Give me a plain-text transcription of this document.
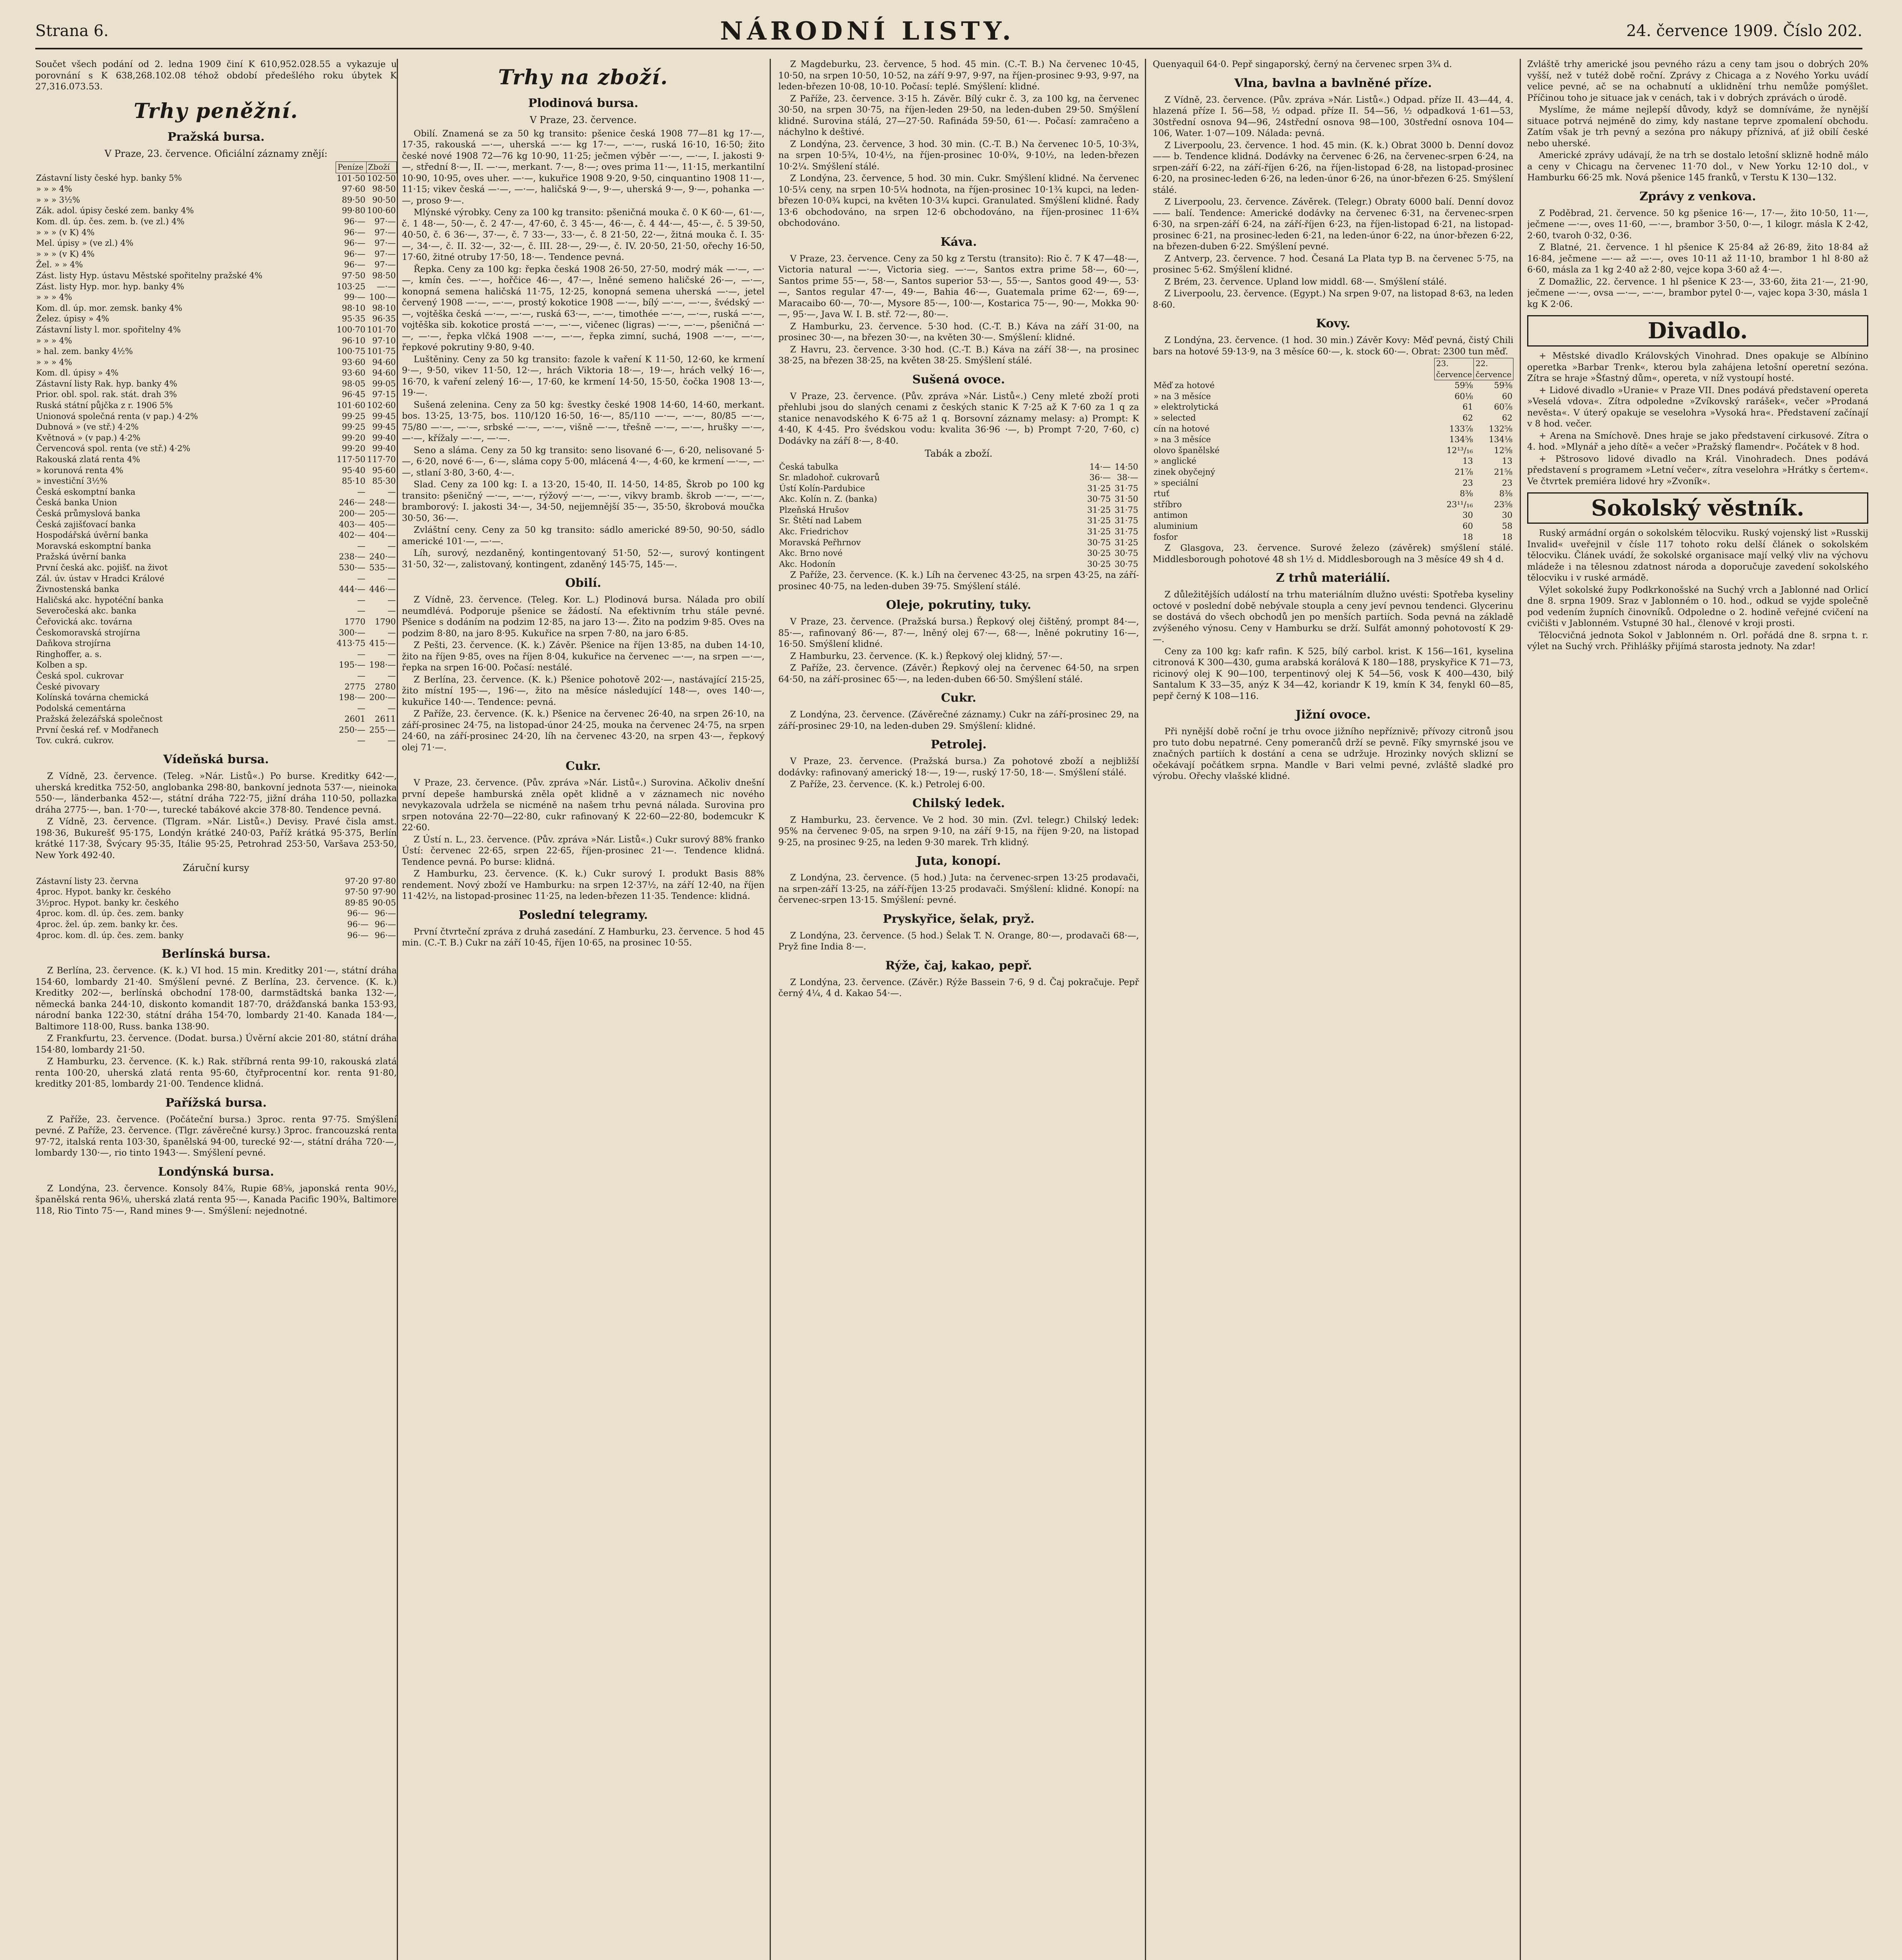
Strana 6.	NÁRODNÍ LISTY.	24. července 1909. Číslo 202.

Součet všech podání od 2. ledna 1909 činí K 610,952.028.55 a vykazuje u porovnání s K 638,268.102.08 téhož období předešlého roku úbytek K 27,316.073.53.

Trhy peněžní.
Pražská bursa.
V Praze, 23. července. Oficiální záznamy znějí:
	Peníze	Zboží
Zástavní listy české hyp. banky 5%	101·50	102·50
» » » 4%	97·60	98·50
» » » 3½%	89·50	90·50
Zák. adol. úpisy české zem. banky 4%	99·80	100·60
Kom. dl. úp. čes. zem. b. (ve zl.) 4%	96·—	97·—
» » » (v K) 4%	96·—	97·—
Mel. úpisy » (ve zl.) 4%	96·—	97·—
» » » (v K) 4%	96·—	97·—
Žel. » » 4%	96·—	97·—
Zást. listy Hyp. ústavu Městské spořitelny pražské 4%	97·50	98·50
Zást. listy Hyp. mor. hyp. banky 4%	103·25	—·—
» » » 4%	99·—	100·—
Kom. dl. úp. mor. zemsk. banky 4%	98·10	98·10
Želez. úpisy » 4%	95·35	96·35
Zástavní listy l. mor. spořitelny 4%	100·70	101·70
» » » 4%	96·10	97·10
» hal. zem. banky 4½%	100·75	101·75
» » » 4%	93·60	94·60
Kom. dl. úpisy » 4%	93·60	94·60
Zástavní listy Rak. hyp. banky 4%	98·05	99·05
Prior. obl. spol. rak. stát. drah 3%	96·45	97·15
Ruská státní půjčka z r. 1906 5%	101·60	102·60
Unionová společná renta (v pap.) 4·2%	99·25	99·45
Dubnová » (ve stř.) 4·2%	99·25	99·45
Květnová » (v pap.) 4·2%	99·20	99·40
Červencová spol. renta (ve stř.) 4·2%	99·20	99·40
Rakouská zlatá renta 4%	117·50	117·70
» korunová renta 4%	95·40	95·60
» investiční 3½%	85·10	85·30
Česká eskomptní banka	—	—
Česká banka Union	246·—	248·—
Česká průmyslová banka	200·—	205·—
Česká zajišťovací banka	403·—	405·—
Hospodářská úvěrní banka	402·—	404·—
Moravská eskomptní banka	—	—
Pražská úvěrní banka	238·—	240·—
První česká akc. pojišť. na život	530·—	535·—
Zál. úv. ústav v Hradci Králové	—	—
Živnostenská banka	444·—	446·—
Haličská akc. hypotéční banka	—	—
Severočeská akc. banka	—	—
Čeřovická akc. továrna	1770	1790
Českomoravská strojírna	300·—	—
Daňkova strojírna	413·75	415·—
Ringhoffer, a. s.	—	—
Kolben a sp.	195·—	198·—
Česká spol. cukrovar	—	—
České pivovary	2775	2780
Kolínská továrna chemická	198·—	200·—
Podolská cementárna	—	—
Pražská železářská společnost	2601	2611
První česká ref. v Modřanech	250·—	255·—
Tov. cukrá. cukrov.	—	—
Vídeňská bursa.

Z Vídně, 23. července. (Teleg. »Nár. Listů«.) Po burse. Kreditky 642·—, uherská kreditka 752·50, anglobanka 298·80, bankovní jednota 537·—, nieinoka 550·—, länderbanka 452·—, státní dráha 722·75, jižní dráha 110·50, pollazka dráha 2775·—, ban. 1·70·—, turecké tabákové akcie 378·80. Tendence pevná.

Z Vídně, 23. července. (Tlgram. »Nár. Listů«.) Devisy. Pravé čisla amst. 198·36, Bukurešť 95·175, Londýn krátké 240·03, Paříž krátká 95·375, Berlín krátké 117·38, Švýcary 95·35, Itálie 95·25, Petrohrad 253·50, Varšava 253·50, New York 492·40.

Záruční kursy
Zástavní listy 23. června	97·20	97·80
4proc. Hypot. banky kr. českého	97·50	97·90
3½proc. Hypot. banky kr. českého	89·85	90·05
4proc. kom. dl. úp. čes. zem. banky	96·—	96·—
4proc. žel. úp. zem. banky kr. čes.	96·—	96·—
4proc. kom. dl. úp. čes. zem. banky	96·—	96·—
Berlínská bursa.

Z Berlína, 23. července. (K. k.) VI hod. 15 min. Kreditky 201·—, státní dráha 154·60, lombardy 21·40. Smýšlení pevné. Z Berlína, 23. července. (K. k.) Kreditky 202·—, berlínská obchodní 178·00, darmstädtská banka 132·—, německá banka 244·10, diskonto komandit 187·70, drážďanská banka 153·93, národní banka 122·30, státní dráha 154·70, lombardy 21·40. Kanada 184·—, Baltimore 118·00, Russ. banka 138·90.

Z Frankfurtu, 23. července. (Dodat. bursa.) Úvěrní akcie 201·80, státní dráha 154·80, lombardy 21·50.

Z Hamburku, 23. července. (K. k.) Rak. stříbrná renta 99·10, rakouská zlatá renta 100·20, uherská zlatá renta 95·60, čtyřprocentní kor. renta 91·80, kreditky 201·85, lombardy 21·00. Tendence klidná.

Pařížská bursa.

Z Paříže, 23. července. (Počáteční bursa.) 3proc. renta 97·75. Smýšlení pevné. Z Paříže, 23. července. (Tlgr. závěrečné kursy.) 3proc. francouzská renta 97·72, italská renta 103·30, španělská 94·00, turecké 92·—, státní dráha 720·—, lombardy 130·—, rio tinto 1943·—. Smýšlení pevné.

Londýnská bursa.

Z Londýna, 23. července. Konsoly 84⅞, Rupie 68⅝, japonská renta 90½, španělská renta 96⅛, uherská zlatá renta 95·—, Kanada Pacific 190¾, Baltimore 118, Rio Tinto 75·—, Rand mines 9·—. Smýšlení: nejednotné.

Trhy na zboží.
Plodinová bursa.
V Praze, 23. července.

Obilí. Znamená se za 50 kg transito: pšenice česká 1908 77—81 kg 17·—, 17·35, rakouská —·—, uherská —·— kg 17·—, —·—, ruská 16·10, 16·50; žito české nové 1908 72—76 kg 10·90, 11·25; ječmen výběr —·—, —·—, I. jakosti 9·—, střední 8·—, II. —·—, merkant. 7·—, 8·—; oves prima 11·—, 11·15, merkantilní 10·90, 10·95, oves uher. —·—, kukuřice 1908 9·20, 9·50, cinquantino 1908 11·—, 11·15; vikev česká —·—, —·—, haličská 9·—, 9·—, uherská 9·—, 9·—, pohanka —·—, proso 9·—.

Mlýnské výrobky. Ceny za 100 kg transito: pšeničná mouka č. 0 K 60·—, 61·—, č. 1 48·—, 50·—, č. 2 47·—, 47·60, č. 3 45·—, 46·—, č. 4 44·—, 45·—, č. 5 39·50, 40·50, č. 6 36·—, 37·—, č. 7 33·—, 33·—, č. 8 21·50, 22·—, žitná mouka č. I. 35·—, 34·—, č. II. 32·—, 32·—, č. III. 28·—, 29·—, č. IV. 20·50, 21·50, ořechy 16·50, 17·60, žitné otruby 17·50, 18·—. Tendence pevná.

Řepka. Ceny za 100 kg: řepka česká 1908 26·50, 27·50, modrý mák —·—, —·—, kmín čes. —·—, hořčice 46·—, 47·—, lněné semeno haličské 26·—, —·—, konopná semena haličská 11·75, 12·25, konopná semena uherská —·—, jetel červený 1908 —·—, —·—, prostý kokotice 1908 —·—, bílý —·—, —·—, švédský —·—, vojtěška česká —·—, —·—, ruská 63·—, —·—, timothée —·—, —·—, ruská —·—, vojtěška sib. kokotice prostá —·—, —·—, vičenec (ligras) —·—, —·—, pšeničná —·—, —·—, řepka vlčká 1908 —·—, —·—, řepka zimní, suchá, 1908 —·—, —·—, řepkové pokrutiny 9·80, 9·40.

Luštěniny. Ceny za 50 kg transito: fazole k vaření K 11·50, 12·60, ke krmení 9·—, 9·50, vikev 11·50, 12·—, hrách Viktoria 18·—, 19·—, hrách velký 16·—, 16·70, k vaření zelený 16·—, 17·60, ke krmení 14·50, 15·50, čočka 1908 13·—, 19·—.

Sušená zelenina. Ceny za 50 kg: švestky české 1908 14·60, 14·60, merkant. bos. 13·25, 13·75, bos. 110/120 16·50, 16·—, 85/110 —·—, —·—, 80/85 —·—, 75/80 —·—, —·—, srbské —·—, —·—, višně —·—, třešně —·—, —·—, hrušky —·—, —·—, křížaly —·—, —·—.

Seno a sláma. Ceny za 50 kg transito: seno lisované 6·—, 6·20, nelisované 5·—, 6·20, nové 6·—, 6·—, sláma copy 5·00, mlácená 4·—, 4·60, ke krmení —·—, —·—, stlaní 3·80, 3·60, 4·—.

Slad. Ceny za 100 kg: I. a 13·20, 15·40, II. 14·50, 14·85, Škrob po 100 kg transito: pšeničný —·—, —·—, rýžový —·—, —·—, vikvy bramb. škrob —·—, —·—, bramborový: I. jakosti 34·—, 34·50, nejjemnější 35·—, 35·50, škrobová moučka 30·50, 36·—.

Zvláštní ceny. Ceny za 50 kg transito: sádlo americké 89·50, 90·50, sádlo americké 101·—, —·—.

Líh, surový, nezdaněný, kontingentovaný 51·50, 52·—, surový kontingent 31·50, 32·—, zalistovaný, kontingent, zdaněný 145·75, 145·—.

Obilí.

Z Vídně, 23. července. (Teleg. Kor. L.) Plodinová bursa. Nálada pro obilí neumdlévá. Podporuje pšenice se žádostí. Na efektivním trhu stále pevné. Pšenice s dodáním na podzim 12·85, na jaro 13·—. Žito na podzim 9·85. Oves na podzim 8·80, na jaro 8·95. Kukuřice na srpen 7·80, na jaro 6·85.

Z Pešti, 23. července. (K. k.) Závěr. Pšenice na říjen 13·85, na duben 14·10, žito na říjen 9·85, oves na říjen 8·04, kukuřice na červenec —·—, na srpen —·—, řepka na srpen 16·00. Počasí: nestálé.

Z Berlína, 23. července. (K. k.) Pšenice pohotově 202·—, nastávající 215·25, žito místní 195·—, 196·—, žito na měsíce následující 148·—, oves 140·—, kukuřice 140·—. Tendence: pevná.

Z Paříže, 23. července. (K. k.) Pšenice na červenec 26·40, na srpen 26·10, na září-prosinec 24·75, na listopad-únor 24·25, mouka na červenec 24·75, na srpen 24·60, na září-prosinec 24·20, líh na červenec 43·20, na srpen 43·—, řepkový olej 71·—.

Cukr.

V Praze, 23. července. (Pův. zpráva »Nár. Listů«.) Surovina. Ačkoliv dnešní první depeše hamburská zněla opět klidně a v záznamech nic nového nevykazovala udržela se nicméně na našem trhu pevná nálada. Surovina pro srpen notována 22·70—22·80, cukr rafinovaný K 22·60—22·80, bodemcukr K 22·60.

Z Ústí n. L., 23. července. (Pův. zpráva »Nár. Listů«.) Cukr surový 88% franko Ústí: červenec 22·65, srpen 22·65, říjen-prosinec 21·—. Tendence klidná. Tendence pevná. Po burse: klidná.

Z Hamburku, 23. července. (K. k.) Cukr surový I. produkt Basis 88% rendement. Nový zboží ve Hamburku: na srpen 12·37½, na září 12·40, na říjen 11·42½, na listopad-prosinec 11·25, na leden-březen 11·35. Tendence: klidná.

Poslední telegramy.

První čtvrteční zpráva z druhá zasedání. Z Hamburku, 23. července. 5 hod 45 min. (C.-T. B.) Cukr na září 10·45, říjen 10·65, na prosinec 10·55.

Z Magdeburku, 23. července, 5 hod. 45 min. (C.-T. B.) Na červenec 10·45, 10·50, na srpen 10·50, 10·52, na září 9·97, 9·97, na říjen-prosinec 9·93, 9·97, na leden-březen 10·08, 10·10. Počasí: teplé. Smýšlení: klidné.

Z Paříže, 23. července. 3·15 h. Závěr. Bílý cukr č. 3, za 100 kg, na červenec 30·50, na srpen 30·75, na říjen-leden 29·50, na leden-duben 29·50. Smýšlení klidné. Surovina stálá, 27—27·50. Rafináda 59·50, 61·—. Počasí: zamračeno a náchylno k deštivé.

Z Londýna, 23. července, 3 hod. 30 min. (C.-T. B.) Na červenec 10·5, 10·3¾, na srpen 10·5¾, 10·4½, na říjen-prosinec 10·0¾, 9·10½, na leden-březen 10·2¼. Smýšlení stálé.

Z Londýna, 23. července, 5 hod. 30 min. Cukr. Smýšlení klidné. Na červenec 10·5¼ ceny, na srpen 10·5¼ hodnota, na říjen-prosinec 10·1¾ kupci, na leden-březen 10·0¾ kupci, na květen 10·3¼ kupci. Granulated. Smýšlení klidné. Řady 13·6 obchodováno, na srpen 12·6 obchodováno, na říjen-prosinec 11·6¾ obchodováno.

Káva.

V Praze, 23. července. Ceny za 50 kg z Terstu (transito): Rio č. 7 K 47—48·—, Victoria natural —·—, Victoria sieg. —·—, Santos extra prime 58·—, 60·—, Santos prime 55·—, 58·—, Santos superior 53·—, 55·—, Santos good 49·—, 53·—, Santos regular 47·—, 49·—, Bahia 46·—, Guatemala prime 62·—, 69·—, Maracaibo 60·—, 70·—, Mysore 85·—, 100·—, Kostarica 75·—, 90·—, Mokka 90·—, 95·—, Java W. I. B. stř. 72·—, 80·—.

Z Hamburku, 23. července. 5·30 hod. (C.-T. B.) Káva na září 31·00, na prosinec 30·—, na březen 30·—, na květen 30·—. Smýšlení: klidné.

Z Havru, 23. července. 3·30 hod. (C.-T. B.) Káva na září 38·—, na prosinec 38·25, na březen 38·25, na květen 38·25. Smýšlení stálé.

Sušená ovoce.

V Praze, 23. července. (Pův. zpráva »Nár. Listů«.) Ceny mleté zboží proti přehlubi jsou do slaných cenami z českých stanic K 7·25 až K 7·60 za 1 q za stanice nenavodského K 6·75 až 1 q. Borsovní záznamy melasy: a) Prompt: K 4·40, K 4·45. Pro švédskou vodu: kvalita 36·96 ·—, b) Prompt 7·20, 7·60, c) Dodávky na září 8·—, 8·40.

Tabák a zboží.
Česká tabulka	14·—	14·50
Sr. mladohoř. cukrovarů	36·—	38·—
Ústí Kolín-Pardubice	31·25	31·75
Akc. Kolín n. Z. (banka)	30·75	31·50
Plzeňská Hrušov	31·25	31·75
Sr. Štětí nad Labem	31·25	31·75
Akc. Friedrichov	31·25	31·75
Moravská Peřhrnov	30·75	31·25
Akc. Brno nové	30·25	30·75
Akc. Hodonín	30·25	30·75

Z Paříže, 23. července. (K. k.) Líh na červenec 43·25, na srpen 43·25, na září-prosinec 40·75, na leden-duben 39·75. Smýšlení stálé.

Oleje, pokrutiny, tuky.

V Praze, 23. července. (Pražská bursa.) Řepkový olej čištěný, prompt 84·—, 85·—, rafinovaný 86·—, 87·—, lněný olej 67·—, 68·—, lněné pokrutiny 16·—, 16·50. Smýšlení klidné.

Z Hamburku, 23. července. (K. k.) Řepkový olej klidný, 57·—.

Z Paříže, 23. července. (Závěr.) Řepkový olej na červenec 64·50, na srpen 64·50, na září-prosinec 65·—, na leden-duben 66·50. Smýšlení stálé.

Cukr.

Z Londýna, 23. července. (Závěrečné záznamy.) Cukr na září-prosinec 29, na září-prosinec 29·10, na leden-duben 29. Smýšlení: klidné.

Petrolej.

V Praze, 23. července. (Pražská bursa.) Za pohotové zboží a nejbližší dodávky: rafinovaný americký 18·—, 19·—, ruský 17·50, 18·—. Smýšlení stálé.

Z Paříže, 23. července. (K. k.) Petrolej 6·00.

Chilský ledek.

Z Hamburku, 23. července. Ve 2 hod. 30 min. (Zvl. telegr.) Chilský ledek: 95% na červenec 9·05, na srpen 9·10, na září 9·15, na říjen 9·20, na listopad 9·25, na prosinec 9·25, na leden 9·30 marek. Trh klidný.

Juta, konopí.

Z Londýna, 23. července. (5 hod.) Juta: na červenec-srpen 13·25 prodavači, na srpen-září 13·25, na září-říjen 13·25 prodavači. Smýšlení: klidné. Konopí: na červenec-srpen 13·15. Smýšlení: pevné.

Pryskyřice, šelak, pryž.

Z Londýna, 23. července. (5 hod.) Šelak T. N. Orange, 80·—, prodavači 68·—, Pryž fine India 8·—.

Rýže, čaj, kakao, pepř.

Z Londýna, 23. července. (Závěr.) Rýže Bassein 7·6, 9 d. Čaj pokračuje. Pepř černý 4¼, 4 d. Kakao 54·—.

Quenyaquil 64·0. Pepř singaporský, černý na červenec srpen 3¾ d.

Vlna, bavlna a bavlněné příze.

Z Vídně, 23. července. (Pův. zpráva »Nár. Listů«.) Odpad. příze II. 43—44, 4. hlazená příze I. 56—58, ½ odpad. příze II. 54—56, ½ odpadková 1·61—53, 30střední osnova 94—96, 24střední osnova 98—100, 30střední osnova 104—106, Water. 1·07—109. Nálada: pevná.

Z Liverpoolu, 23. července. 1 hod. 45 min. (K. k.) Obrat 3000 b. Denní dovoz —— b. Tendence klidná. Dodávky na červenec 6·26, na červenec-srpen 6·24, na srpen-září 6·22, na září-říjen 6·26, na říjen-listopad 6·28, na listopad-prosinec 6·20, na prosinec-leden 6·26, na leden-únor 6·26, na únor-březen 6·25. Smýšlení stálé.

Z Liverpoolu, 23. července. Závěrek. (Telegr.) Obraty 6000 balí. Denní dovoz —— balí. Tendence: Americké dodávky na červenec 6·31, na červenec-srpen 6·30, na srpen-září 6·24, na září-říjen 6·23, na říjen-listopad 6·21, na listopad-prosinec 6·21, na prosinec-leden 6·21, na leden-únor 6·22, na únor-březen 6·22, na březen-duben 6·22. Smýšlení pevné.

Z Antverp, 23. července. 7 hod. Česaná La Plata typ B. na červenec 5·75, na prosinec 5·62. Smýšlení klidné.

Z Brém, 23. července. Upland low middl. 68·—. Smýšlení stálé.

Z Liverpoolu, 23. července. (Egypt.) Na srpen 9·07, na listopad 8·63, na leden 8·60.

Kovy.

Z Londýna, 23. července. (1 hod. 30 min.) Závěr Kovy: Měď pevná, čistý Chili bars na hotové 59·13·9, na 3 měsíce 60·—, k. stock 60·—. Obrat: 2300 tun měď.

	23. července	22. července
Měď za hotové	59⅝	59⅜
» na 3 měsíce	60⅛	60
» elektrolytická	61	60⅞
» selected	62	62
cín na hotové	133⅞	132⅝
» na 3 měsíce	134⅝	134⅛
olovo španělské	12¹³/₁₆	12⅝
» anglické	13	13
zinek obyčejný	21⅞	21⅝
» speciální	23	23
rtuť	8⅜	8⅜
stříbro	23¹¹/₁₆	23⅝
antimon	30	30
aluminium	60	58
fosfor	18	18

Z Glasgova, 23. července. Surové železo (závěrek) smýšlení stálé. Middlesborough pohotové 48 sh 1½ d. Middlesborough na 3 měsíce 49 sh 4 d.

Z trhů materiálií.

Z důležitějších událostí na trhu materiálním dlužno uvésti: Spotřeba kyseliny octové v poslední době nebývale stoupla a ceny jeví pevnou tendenci. Glycerinu se dostává do všech obchodů jen po menších partiích. Soda pevná na základě zvýšeného výnosu. Ceny v Hamburku se drží. Sulfát amonný pohotovostí K 29·—.

Ceny za 100 kg: kafr rafin. K 525, bílý carbol. krist. K 156—161, kyselina citronová K 300—430, guma arabská korálová K 180—188, pryskyřice K 71—73, ricinový olej K 90—100, terpentinový olej K 54—56, vosk K 400—430, bilý Santalum K 33—35, anýz K 34—42, koriandr K 19, kmín K 34, fenykl 60—85, pepř černý K 108—116.

Jižní ovoce.

Při nynější době roční je trhu ovoce jižního nepříznivě; přívozy citronů jsou pro tuto dobu nepatrné. Ceny pomerančů drží se pevně. Fíky smyrnské jsou ve značných partiích k dostání a cena se udržuje. Hrozinky nových sklizní se očekávají počátkem srpna. Mandle v Bari velmi pevné, zvláště sladké pro výrobu. Ořechy vlašské klidné.

Zvláště trhy americké jsou pevného rázu a ceny tam jsou o dobrých 20% vyšší, než v tutéž době roční. Zprávy z Chicaga a z Nového Yorku uvádí velice pevné, ač se na ochabnutí a uklidnění trhu nemůže pomýšlet. Příčinou toho je situace jak v cenách, tak i v dobrých zprávách o úrodě.

Myslíme, že máme nejlepší důvody, když se domníváme, že nynější situace potrvá nejméně do zimy, kdy nastane teprve zpomalení obchodu. Zatím však je trh pevný a sezóna pro nákupy příznivá, ať již obilí české nebo uherské.

Americké zprávy udávají, že na trh se dostalo letošní sklizně hodně málo a ceny v Chicagu na červenec 11·70 dol., v New Yorku 12·10 dol., v Hamburku 66·25 mk. Nová pšenice 145 franků, v Terstu K 130—132.

Zprávy z venkova.

Z Poděbrad, 21. července. 50 kg pšenice 16·—, 17·—, žito 10·50, 11·—, ječmene —·—, oves 11·60, —·—, brambor 3·50, 0·—, 1 kilogr. másla K 2·42, 2·60, tvaroh 0·32, 0·36.

Z Blatné, 21. července. 1 hl pšenice K 25·84 až 26·89, žito 18·84 až 16·84, ječmene —·— až —·—, oves 10·11 až 11·10, brambor 1 hl 8·80 až 6·60, másla za 1 kg 2·40 až 2·80, vejce kopa 3·60 až 4·—.

Z Domažlic, 22. července. 1 hl pšenice K 23·—, 33·60, žita 21·—, 21·90, ječmene —·—, ovsa —·—, —·—, brambor pytel 0·—, vajec kopa 3·30, másla 1 kg K 2·06.

Divadlo.

+ Městské divadlo Královských Vinohrad. Dnes opakuje se Albínino operetka »Barbar Trenk«, kterou byla zahájena letošní operetní sezóna. Zítra se hraje »Šťastný dům«, opereta, v níž vystoupí hosté.

+ Lidové divadlo »Uranie« v Praze VII. Dnes podává představení opereta »Veselá vdova«. Zítra odpoledne »Zvíkovský rarášek«, večer »Prodaná nevěsta«. V úterý opakuje se veselohra »Vysoká hra«. Představení začínají v 8 hod. večer.

+ Arena na Smíchově. Dnes hraje se jako představení cirkusové. Zítra o 4. hod. »Mlynář a jeho dítě« a večer »Pražský flamendr«. Počátek v 8 hod.

+ Pštrosovo lidové divadlo na Král. Vinohradech. Dnes podává představení s programem »Letní večer«, zítra veselohra »Hrátky s čertem«. Ve čtvrtek premiéra lidové hry »Zvoník«.

Sokolský věstník.

Ruský armádní orgán o sokolském tělocviku. Ruský vojenský list »Russkij Invalid« uveřejnil v čísle 117 tohoto roku delší článek o sokolském tělocviku. Článek uvádí, že sokolské organisace mají velký vliv na výchovu mládeže i na tělesnou zdatnost národa a doporučuje zavedení sokolského tělocviku i v ruské armádě.

Výlet sokolské župy Podkrkonošské na Suchý vrch a Jablonné nad Orlicí dne 8. srpna 1909. Sraz v Jablonném o 10. hod., odkud se vyjde společně pod vedením župních činovníků. Odpoledne o 2. hodině veřejné cvičení na cvičišti v Jablonném. Vstupné 30 hal., členové v kroji prosti.

Tělocvičná jednota Sokol v Jablonném n. Orl. pořádá dne 8. srpna t. r. výlet na Suchý vrch. Přihlášky přijímá starosta jednoty. Na zdar!
